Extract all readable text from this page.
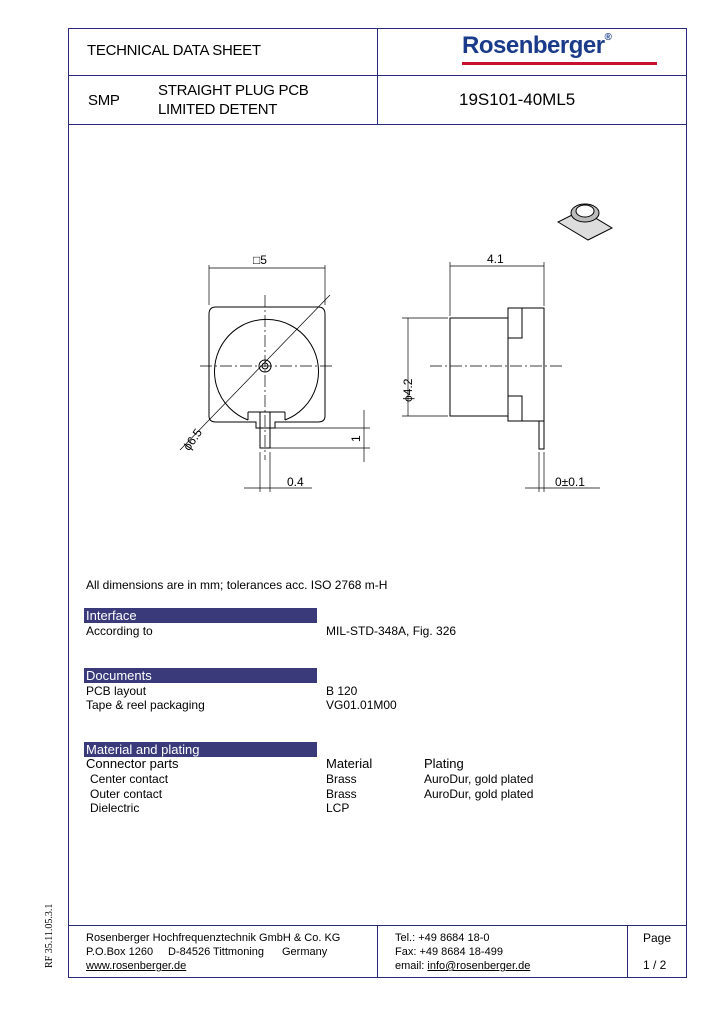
TECHNICAL DATA SHEET	Rosenberger®
SMP
STRAIGHT PLUG PCB
LIMITED DETENT
19S101-40ML5
□5
ϕ6.5	1
0.4
4.1
ϕ4.2
0±0.1
All dimensions are in mm; tolerances acc. ISO 2768 m-H
Interface
According to	MIL-STD-348A, Fig. 326
Documents
PCB layout	B 120
Tape & reel packaging	VG01.01M00
Material and plating
Connector parts	Material	Plating
Center contact	Brass	AuroDur, gold plated
Outer contact	Brass	AuroDur, gold plated
Dielectric	LCP
Rosenberger Hochfrequenztechnik GmbH & Co. KG
P.O.Box 1260 D-84526 Tittmoning Germany
www.rosenberger.de
Tel.: +49 8684 18-0
Fax: +49 8684 18-499
email: info@rosenberger.de
Page
1 / 2
RF 35.11.05.3.1
